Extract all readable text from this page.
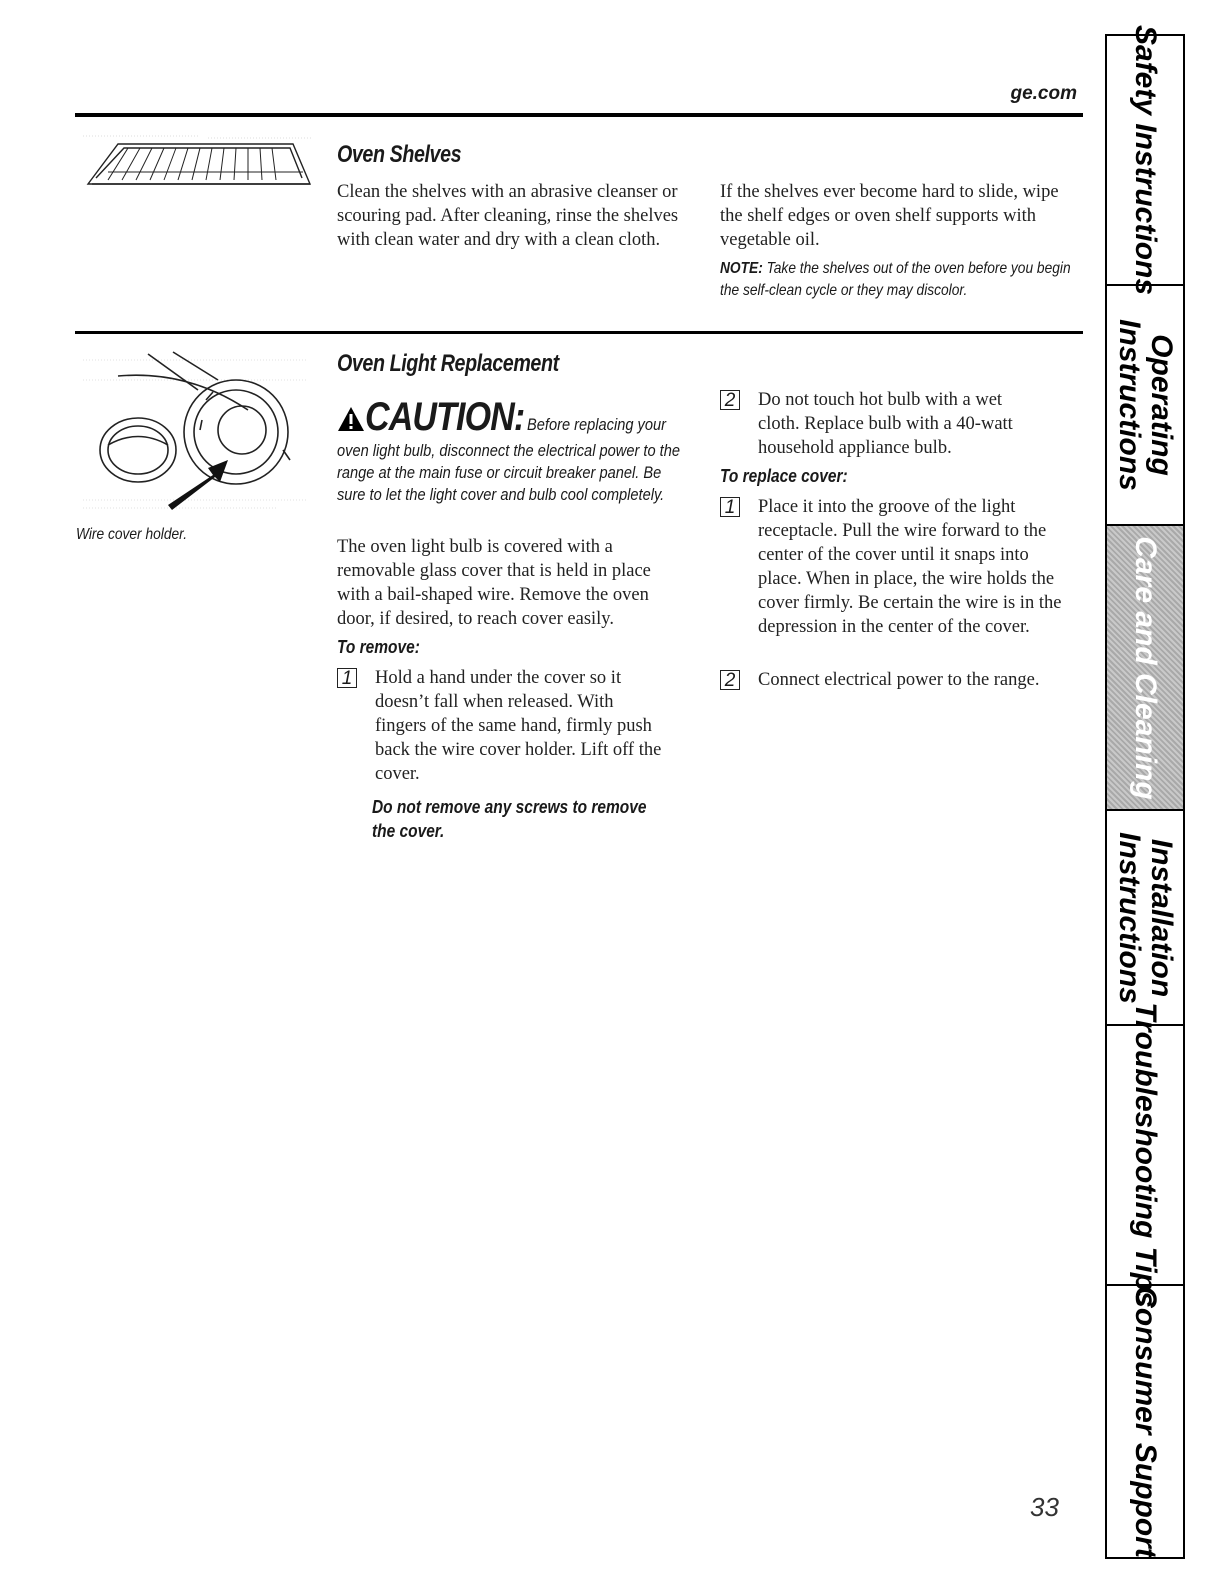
ge.com
Oven Shelves
Clean the shelves with an abrasive cleanser or scouring pad. After cleaning, rinse the shelves with clean water and dry with a clean cloth.
If the shelves ever become hard to slide, wipe the shelf edges or oven shelf supports with vegetable oil.
NOTE: Take the shelves out of the oven before you begin the self-clean cycle or they may discolor.
Wire cover holder.
Oven Light Replacement
CAUTION: Before replacing your
oven light bulb, disconnect the electrical power to the range at the main fuse or circuit breaker panel. Be sure to let the light cover and bulb cool completely.
The oven light bulb is covered with a removable glass cover that is held in place with a bail-shaped wire. Remove the oven door, if desired, to reach cover easily.
To remove:
1 Hold a hand under the cover so it doesn’t fall when released. With fingers of the same hand, firmly push back the wire cover holder. Lift off the cover.
Do not remove any screws to remove the cover.
2 Do not touch hot bulb with a wet cloth. Replace bulb with a 40-watt household appliance bulb.
To replace cover:
1 Place it into the groove of the light receptacle. Pull the wire forward to the center of the cover until it snaps into place. When in place, the wire holds the cover firmly. Be certain the wire is in the depression in the center of the cover.
2 Connect electrical power to the range.
33
Safety Instructions
Operating
Instructions
Care and Cleaning
Installation
Instructions
Troubleshooting Tips
Consumer Support
